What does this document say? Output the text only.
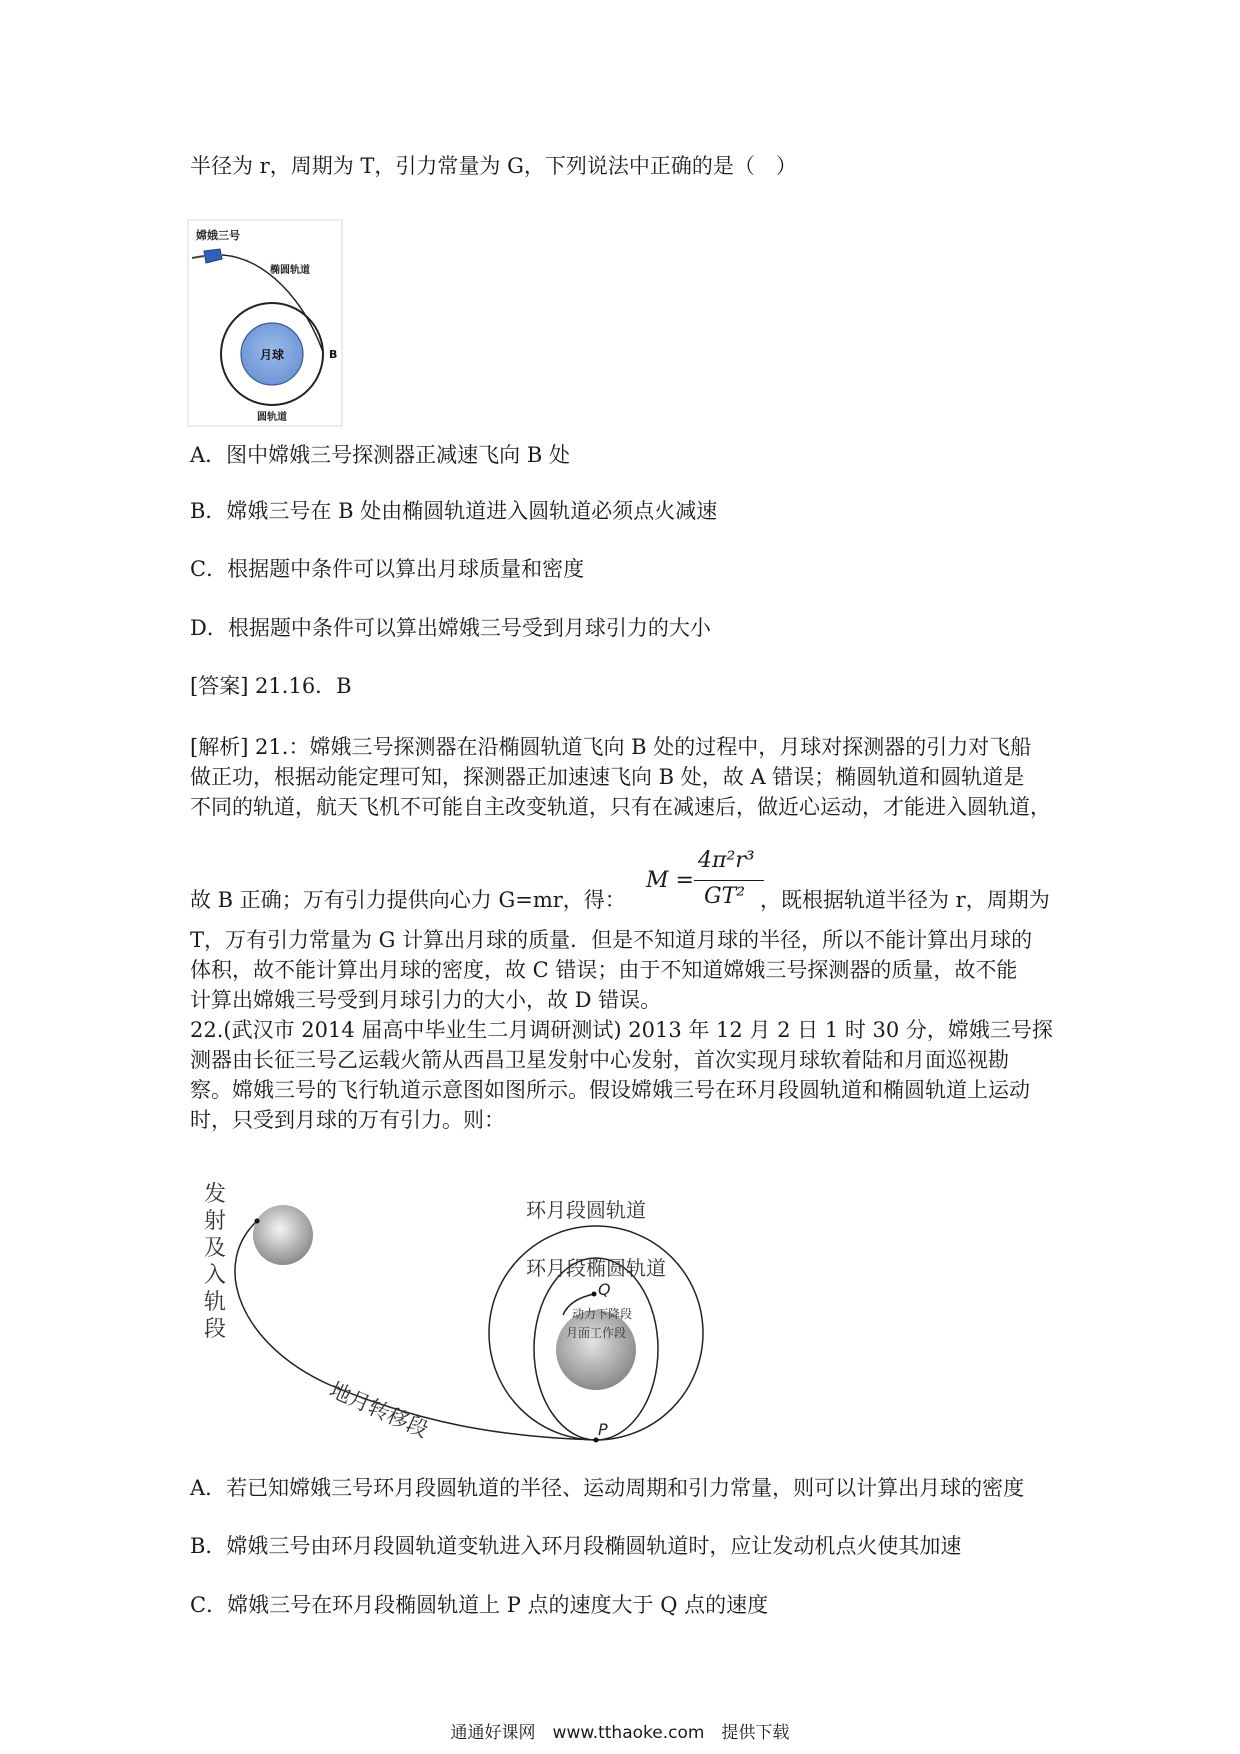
半径为 r，周期为 T，引力常量为 G，下列说法中正确的是（　）
嫦娥三号
椭圆轨道
月球	B
圆轨道
A．图中嫦娥三号探测器正减速飞向 B 处
B．嫦娥三号在 B 处由椭圆轨道进入圆轨道必须点火减速
C．根据题中条件可以算出月球质量和密度
D．根据题中条件可以算出嫦娥三号受到月球引力的大小
[答案] 21.16．B
[解析] 21.：嫦娥三号探测器在沿椭圆轨道飞向 B 处的过程中，月球对探测器的引力对飞船
做正功，根据动能定理可知，探测器正加速速飞向 B 处，故 A 错误；椭圆轨道和圆轨道是
不同的轨道，航天飞机不可能自主改变轨道，只有在减速后，做近心运动，才能进入圆轨道，
故 B 正确；万有引力提供向心力 G=mr，得：
M =
4π²r³
GT² ，既根据轨道半径为 r，周期为
T，万有引力常量为 G 计算出月球的质量．但是不知道月球的半径，所以不能计算出月球的
体积，故不能计算出月球的密度，故 C 错误；由于不知道嫦娥三号探测器的质量，故不能
计算出嫦娥三号受到月球引力的大小，故 D 错误。
22.(武汉市 2014 届高中毕业生二月调研测试) 2013 年 12 月 2 日 1 时 30 分，嫦娥三号探
测器由长征三号乙运载火箭从西昌卫星发射中心发射，首次实现月球软着陆和月面巡视勘
察。嫦娥三号的飞行轨道示意图如图所示。假设嫦娥三号在环月段圆轨道和椭圆轨道上运动
时，只受到月球的万有引力。则：
发
射
及
入
轨
段
地月转移段
Q
动力下降段
月面工作段
环月段圆轨道
环月段椭圆轨道
P
A．若已知嫦娥三号环月段圆轨道的半径、运动周期和引力常量，则可以计算出月球的密度
B．嫦娥三号由环月段圆轨道变轨进入环月段椭圆轨道时，应让发动机点火使其加速
C．嫦娥三号在环月段椭圆轨道上 P 点的速度大于 Q 点的速度
通通好课网　www.tthaoke.com　提供下载
